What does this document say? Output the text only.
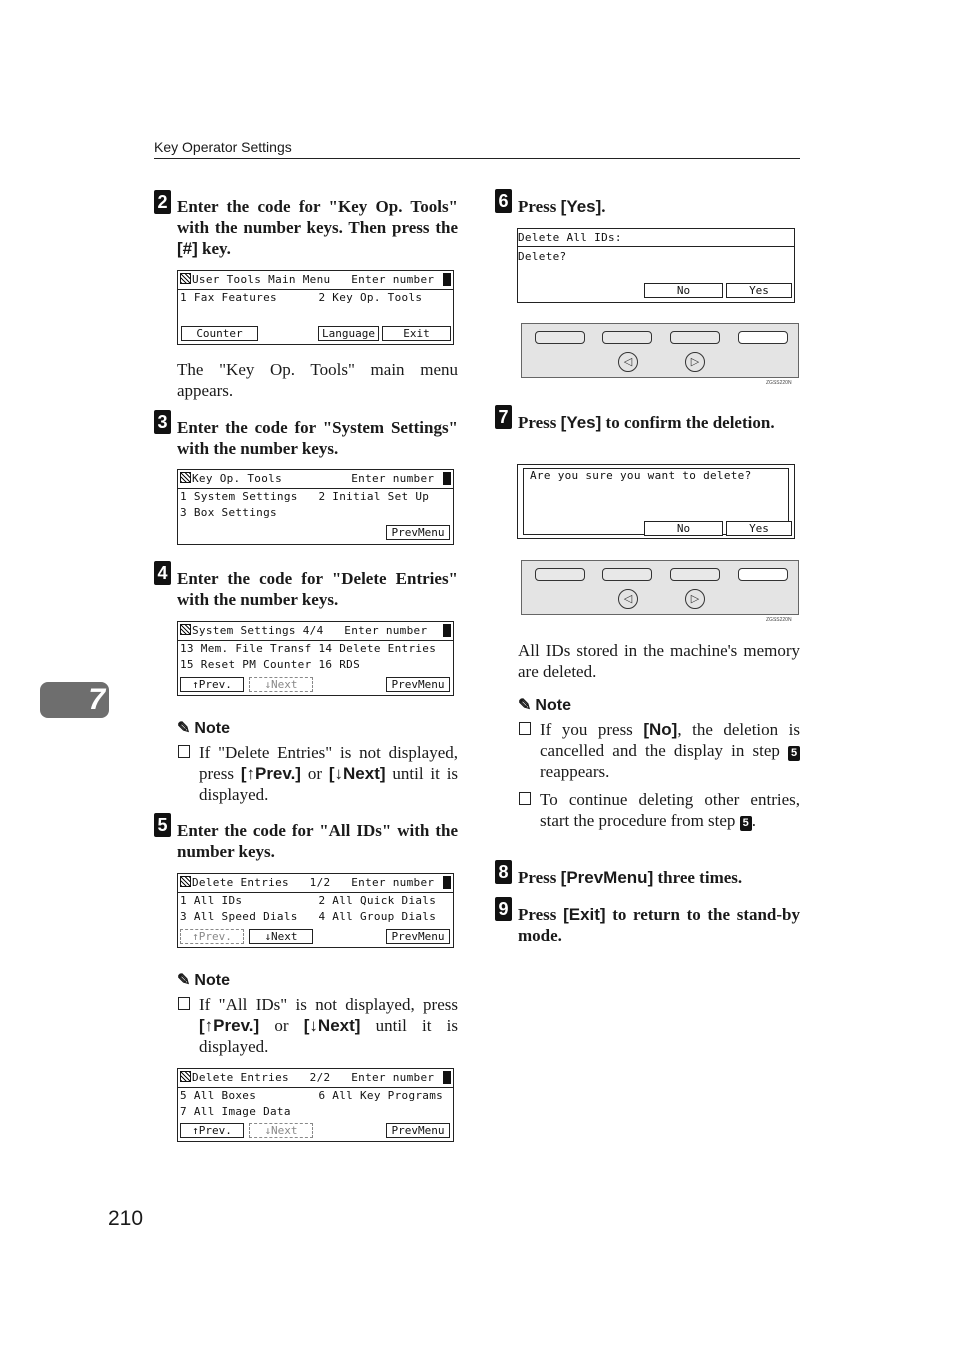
Key Operator Settings
7
2 Enter the code for "Key Op. Tools" with the number keys. Then press the [#] key.
User Tools Main Menu   Enter number
1 Fax Features      2 Key Op. Tools
Counter	Language	Exit
The "Key Op. Tools" main menu appears.
3 Enter the code for "System Settings" with the number keys.
Key Op. Tools          Enter number
1 System Settings   2 Initial Set Up
3 Box Settings
PrevMenu
4 Enter the code for "Delete Entries" with the number keys.
System Settings 4/4   Enter number
13 Mem. File Transf 14 Delete Entries
15 Reset PM Counter 16 RDS
↑Prev.	↓Next	PrevMenu
✎ Note
If "Delete Entries" is not displayed, press [↑Prev.] or [↓Next] until it is displayed.
5 Enter the code for "All IDs" with the number keys.
Delete Entries   1/2   Enter number
1 All IDs           2 All Quick Dials
3 All Speed Dials   4 All Group Dials
↑Prev.	↓Next	PrevMenu
✎ Note
If "All IDs" is not displayed, press [↑Prev.] or [↓Next] until it is displayed.
Delete Entries   2/2   Enter number
5 All Boxes         6 All Key Programs
7 All Image Data
↑Prev.	↓Next	PrevMenu
6 Press [Yes].
Delete All IDs:
Delete?
No	Yes
◁	▷
ZGSS220N
7 Press [Yes] to confirm the deletion.
Are you sure you want to delete?
No	Yes
◁	▷
ZGSS220N
All IDs stored in the machine's memory are deleted.
✎ Note
If you press [No], the deletion is cancelled and the display in step 5 reappears.
To continue deleting other entries, start the procedure from step 5 .
8 Press [PrevMenu] three times.
9 Press [Exit] to return to the stand-by mode.
210
